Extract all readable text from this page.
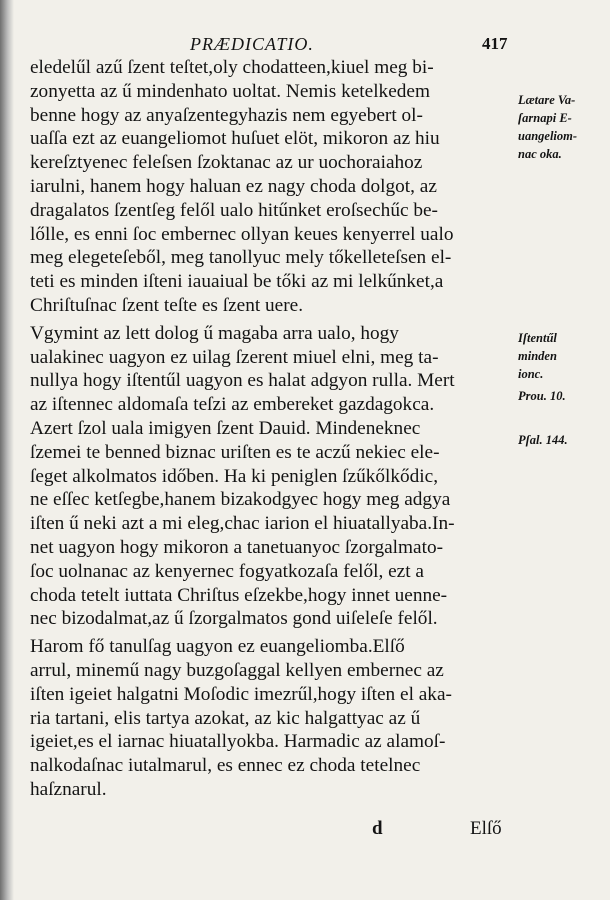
PRÆDICATIO.	417
eledelűl azű ſzent teſtet,oly chodatteen,kiuel meg bi-
zonyetta az ű mindenhato uoltat. Nemis ketelkedem
benne hogy az anyaſzentegyhazis nem egyebert ol-
uaſſa ezt az euangeliomot huſuet elöt, mikoron az hiu
kereſztyenec feleſsen ſzoktanac az ur uochoraiahoz
iarulni, hanem hogy haluan ez nagy choda dolgot, az
dragalatos ſzentſeg felől ualo hitűnket eroſsechűc be-
lőlle, es enni ſoc embernec ollyan keues kenyerrel ualo
meg elegeteſeből, meg tanollyuc mely tőkelleteſsen el-
teti es minden iſteni iauaiual be tőki az mi lelkűnket,a
Chriſtuſnac ſzent teſte es ſzent uere.
Vgymint az lett dolog ű magaba arra ualo, hogy
ualakinec uagyon ez uilag ſzerent miuel elni, meg ta-
nullya hogy iſtentűl uagyon es halat adgyon rulla. Mert
az iſtennec aldomaſa teſzi az embereket gazdagokca.
Azert ſzol uala imigyen ſzent Dauid. Mindeneknec
ſzemei te benned biznac uriſten es te aczű nekiec ele-
ſeget alkolmatos időben. Ha ki peniglen ſzűkőlkődic,
ne eſſec ketſegbe,hanem bizakodgyec hogy meg adgya
iſten ű neki azt a mi eleg,chac iarion el hiuatallyaba.In-
net uagyon hogy mikoron a tanetuanyoc ſzorgalmato-
ſoc uolnanac az kenyernec fogyatkozaſa felől, ezt a
choda tetelt iuttata Chriſtus eſzekbe,hogy innet uenne-
nec bizodalmat,az ű ſzorgalmatos gond uiſeleſe felől.
Harom fő tanulſag uagyon ez euangeliomba.Elſő
arrul, minemű nagy buzgoſaggal kellyen embernec az
iſten igeiet halgatni Moſodic imezrűl,hogy iſten el aka-
ria tartani, elis tartya azokat, az kic halgattyac az ű
igeiet,es el iarnac hiuatallyokba. Harmadic az alamoſ-
nalkodaſnac iutalmarul, es ennec ez choda tetelnec
haſznarul.
Lætare Va-
ſarnapi E-
uangeliom-
nac oka.
Iſtentűl
minden
ionc.
Prou. 10.
Pſal. 144.
d	Elſő
